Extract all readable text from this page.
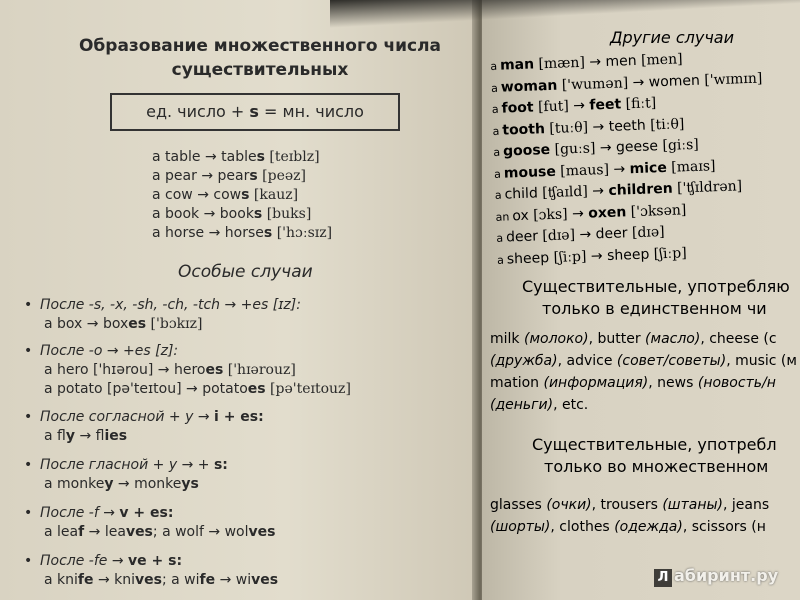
Образование множественного числа
существительных
ед. число + s = мн. число
a table → tables [teɪblz]
a pear → pears [peəz]
a cow → cows [kauz]
a book → books [buks]
a horse → horses ['hɔːsɪz]
Особые случаи
• После -s, -x, -sh, -ch, -tch → +es [ɪz]:
a box → boxes ['bɔkɪz]
• После -o → +es [z]:
a hero ['hɪərou] → heroes ['hɪərouz]
a potato [pə'teɪtou] → potatoes [pə'teɪtouz]
• После согласной + y → i + es:
a fly → flies
• После гласной + y → + s:
a monkey → monkeys
• После -f → v + es:
a leaf → leaves; a wolf → wolves
• После -fe → ve + s:
a knife → knives; a wife → wives
Другие случаи
a man [mæn] → men [men]
a woman ['wumən] → women ['wɪmɪn]
a foot [fut] → feet [fiːt]
a tooth [tuːθ] → teeth [tiːθ]
a goose [guːs] → geese [giːs]
a mouse [maus] → mice [maɪs]
a child [ʧaɪld] → children ['ʧɪldrən]
an ox [ɔks] → oxen ['ɔksən]
a deer [dɪə] → deer [dɪə]
a sheep [ʃiːp] → sheep [ʃiːp]
Существительные, употребляю
только в единственном чи
milk (молоко), butter (масло), cheese (с
(дружба), advice (совет/советы), music (м
mation (информация), news (новость/н
(деньги), etc.
Существительные, употребл
только во множественном
glasses (очки), trousers (штаны), jeans
(шорты), clothes (одежда), scissors (н
Л абиринт.ру
